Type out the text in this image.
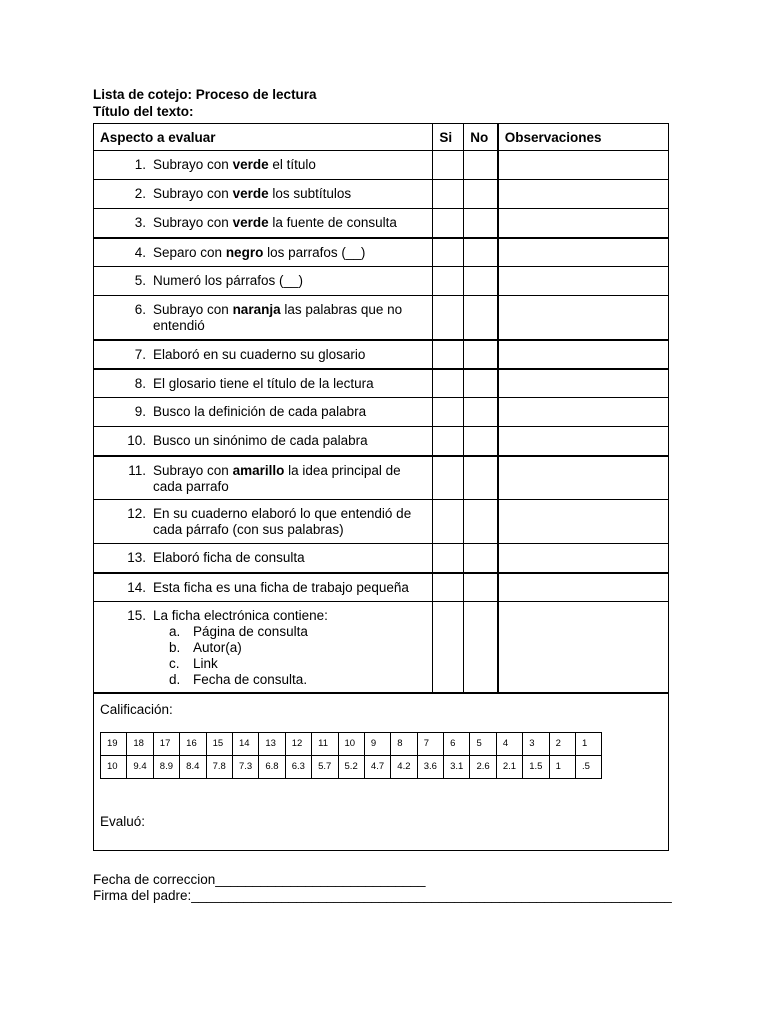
Lista de cotejo: Proceso de lectura
Título del texto:
Aspecto a evaluar	Si	No	Observaciones

1. Subrayo con verde el título

2. Subrayo con verde los subtítulos

3. Subrayo con verde la fuente de consulta

4. Separo con negro los parrafos (__)

5. Numeró los párrafos (__)

6. Subrayo con naranja las palabras que no
entendió

7. Elaboró en su cuaderno su glosario

8. El glosario tiene el título de la lectura

9. Busco la definición de cada palabra

10. Busco un sinónimo de cada palabra

11. Subrayo con amarillo la idea principal de
cada parrafo

12. En su cuaderno elaboró lo que entendió de
cada párrafo (con sus palabras)

13. Elaboró ficha de consulta

14. Esta ficha es una ficha de trabajo pequeña

15. La ficha electrónica contiene:
a. Página de consulta
b. Autor(a)
c. Link
d. Fecha de consulta.

Calificación:
19	18	17	16	15	14	13	12	11	10	9	8	7	6	5	4	3	2	1
10	9.4	8.9	8.4	7.8	7.3	6.8	6.3	5.7	5.2	4.7	4.2	3.6	3.1	2.6	2.1	1.5	1	.5
Evaluó:
Fecha de correccion____________________________
Firma del padre:________________________________________________________________
